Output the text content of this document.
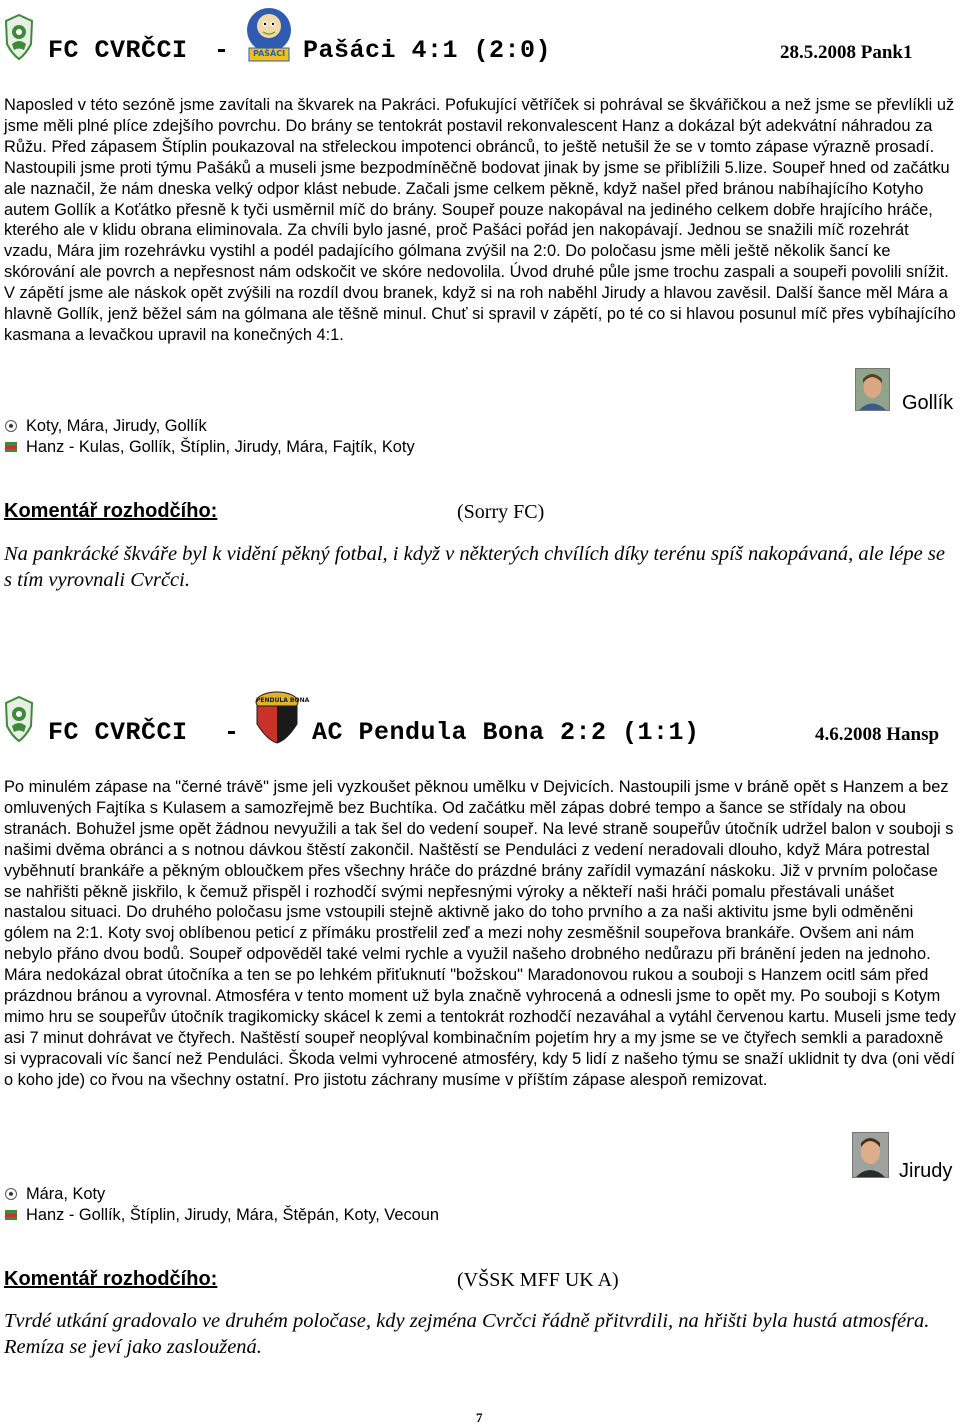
FC CVRČCI -	PAŠÁCI Pašáci 4:1 (2:0)	28.5.2008 Pank1

Naposled v této sezóně jsme zavítali na škvarek na Pakráci. Pofukující větříček si pohrával se škvářičkou a než jsme se převlíkli už jsme měli plné plíce zdejšího povrchu. Do brány se tentokrát postavil rekonvalescent Hanz a dokázal být adekvátní náhradou za Růžu. Před zápasem Štíplin poukazoval na střeleckou impotenci obránců, to ještě netušil že se v tomto zápase výrazně prosadí. Nastoupili jsme proti týmu Pašáků a museli jsme bezpodmíněčně bodovat jinak by jsme se přiblížili 5.lize. Soupeř hned od začátku ale naznačil, že nám dneska velký odpor klást nebude. Začali jsme celkem pěkně, když našel před bránou nabíhajícího Kotyho autem Gollík a Koťátko přesně k tyči usměrnil míč do brány. Soupeř pouze nakopával na jediného celkem dobře hrajícího hráče, kterého ale v klidu obrana eliminovala. Za chvíli bylo jasné, proč Pašáci pořád jen nakopávají. Jednou se snažili míč rozehrát vzadu, Mára jim rozehrávku vystihl a podél padajícího gólmana zvýšil na 2:0. Do poločasu jsme měli ještě několik šancí ke skórování ale povrch a nepřesnost nám odskočit ve skóre nedovolila. Úvod druhé půle jsme trochu zaspali a soupeři povolili snížit. V zápětí jsme ale náskok opět zvýšili na rozdíl dvou branek, když si na roh naběhl Jirudy a hlavou zavěsil. Další šance měl Mára a hlavně Gollík, jenž běžel sám na gólmana ale těšně minul. Chuť si spravil v zápětí, po té co si hlavou posunul míč přes vybíhajícího kasmana a levačkou upravil na konečných 4:1.

Gollík
Koty, Mára, Jirudy, Gollík
Hanz - Kulas, Gollík, Štíplin, Jirudy, Mára, Fajtík, Koty
Komentář rozhodčího:	(Sorry FC)

Na pankrácké škváře byl k vidění pěkný fotbal, i když v některých chvílích díky terénu spíš nakopávaná, ale lépe se s tím vyrovnali Cvrčci.

FC CVRČCI -
PENDULA BONA
AC Pendula Bona 2:2 (1:1)	4.6.2008 Hansp

Po minulém zápase na "černé trávě" jsme jeli vyzkoušet pěknou umělku v Dejvicích. Nastoupili jsme v bráně opět s Hanzem a bez omluvených Fajtíka s Kulasem a samozřejmě bez Buchtíka. Od začátku měl zápas dobré tempo a šance se střídaly na obou stranách. Bohužel jsme opět žádnou nevyužili a tak šel do vedení soupeř. Na levé straně soupeřův útočník udržel balon v souboji s našimi dvěma obránci a s notnou dávkou štěstí zakončil. Naštěstí se Penduláci z vedení neradovali dlouho, když Mára potrestal vyběhnutí brankáře a pěkným obloučkem přes všechny hráče do prázdné brány zařídil vymazání náskoku. Již v prvním poločase se nahřišti pěkně jiskřilo, k čemuž přispěl i rozhodčí svými nepřesnými výroky a někteří naši hráči pomalu přestávali unášet nastalou situaci. Do druhého poločasu jsme vstoupili stejně aktivně jako do toho prvního a za naši aktivitu jsme byli odměněni gólem na 2:1. Koty svoj oblíbenou peticí z přímáku prostřelil zeď a mezi nohy zesměšnil soupeřova brankáře. Ovšem ani nám nebylo přáno dvou bodů. Soupeř odpověděl také velmi rychle a využil našeho drobného nedůrazu při bránění jeden na jednoho. Mára nedokázal obrat útočníka a ten se po lehkém přiťuknutí "božskou" Maradonovou rukou a souboji s Hanzem ocitl sám před prázdnou bránou a vyrovnal. Atmosféra v tento moment už byla značně vyhrocená a odnesli jsme to opět my. Po souboji s Kotym mimo hru se soupeřův útočník tragikomicky skácel k zemi a tentokrát rozhodčí nezaváhal a vytáhl červenou kartu. Museli jsme tedy asi 7 minut dohrávat ve čtyřech. Naštěstí soupeř neoplýval kombinačním pojetím hry a my jsme se ve čtyřech semkli a paradoxně si vypracovali víc šancí než Penduláci. Škoda velmi vyhrocené atmosféry, kdy 5 lidí z našeho týmu se snaží uklidnit ty dva (oni vědí o koho jde) co řvou na všechny ostatní. Pro jistotu záchrany musíme v příštím zápase alespoň remizovat.

Jirudy
Mára, Koty
Hanz - Gollík, Štíplin, Jirudy, Mára, Štěpán, Koty, Vecoun
Komentář rozhodčího:	(VŠSK MFF UK A)

Tvrdé utkání gradovalo ve druhém poločase, kdy zejména Cvrčci řádně přitvrdili, na hřišti byla hustá atmosféra. Remíza se jeví jako zasloužená.

7
